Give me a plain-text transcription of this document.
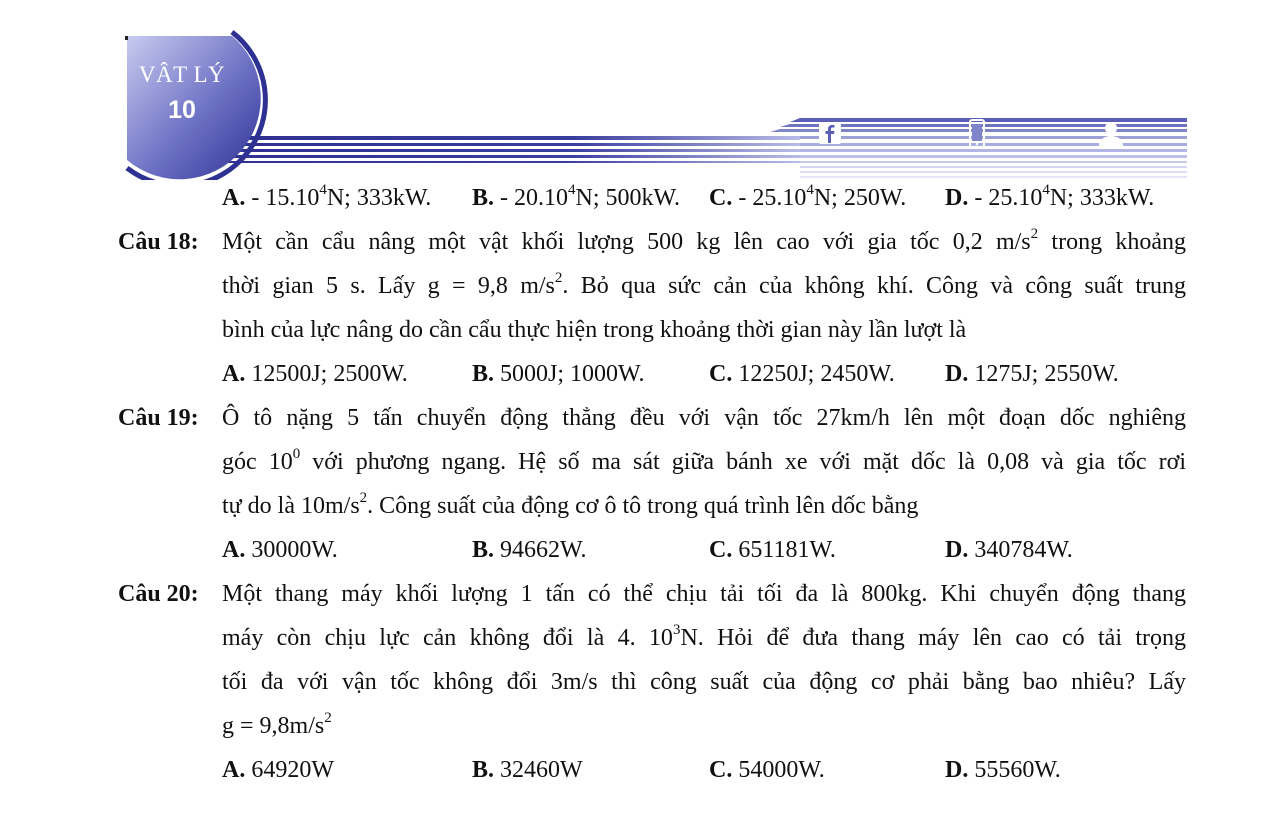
VÂT LÝ
10
A. - 15.10$^4$N; 333kW. B. - 20.10$^4$N; 500kW. C. - 25.10$^4$N; 250W. D. - 25.10$^4$N; 333kW.
Câu 18: Một cần cẩu nâng một vật khối lượng 500 kg lên cao với gia tốc 0,2 $m/s^2$ trong khoảng
thời gian 5 s. Lấy g = 9,8 $m/s^2$. Bỏ qua sức cản của không khí. Công và công suất trung
bình của lực nâng do cần cẩu thực hiện trong khoảng thời gian này lần lượt là
A. 12500J; 2500W.	B. 5000J; 1000W.	C. 12250J; 2450W. D. 1275J; 2550W.
Câu 19: Ô tô nặng 5 tấn chuyển động thẳng đều với vận tốc 27km/h lên một đoạn dốc nghiêng
góc $10^0$ với phương ngang. Hệ số ma sát giữa bánh xe với mặt dốc là 0,08 và gia tốc rơi
tự do là $10m/s^2$. Công suất của động cơ ô tô trong quá trình lên dốc bằng
A. 30000W.	B. 94662W.	C. 651181W.	D. 340784W.
Câu 20: Một thang máy khối lượng 1 tấn có thể chịu tải tối đa là 800kg. Khi chuyển động thang
máy còn chịu lực cản không đổi là 4. $10^3N$. Hỏi để đưa thang máy lên cao có tải trọng
tối đa với vận tốc không đổi 3m/s thì công suất của động cơ phải bằng bao nhiêu? Lấy
$g = 9,8m/s^2$
A. 64920W	B. 32460W	C. 54000W.	D. 55560W.
